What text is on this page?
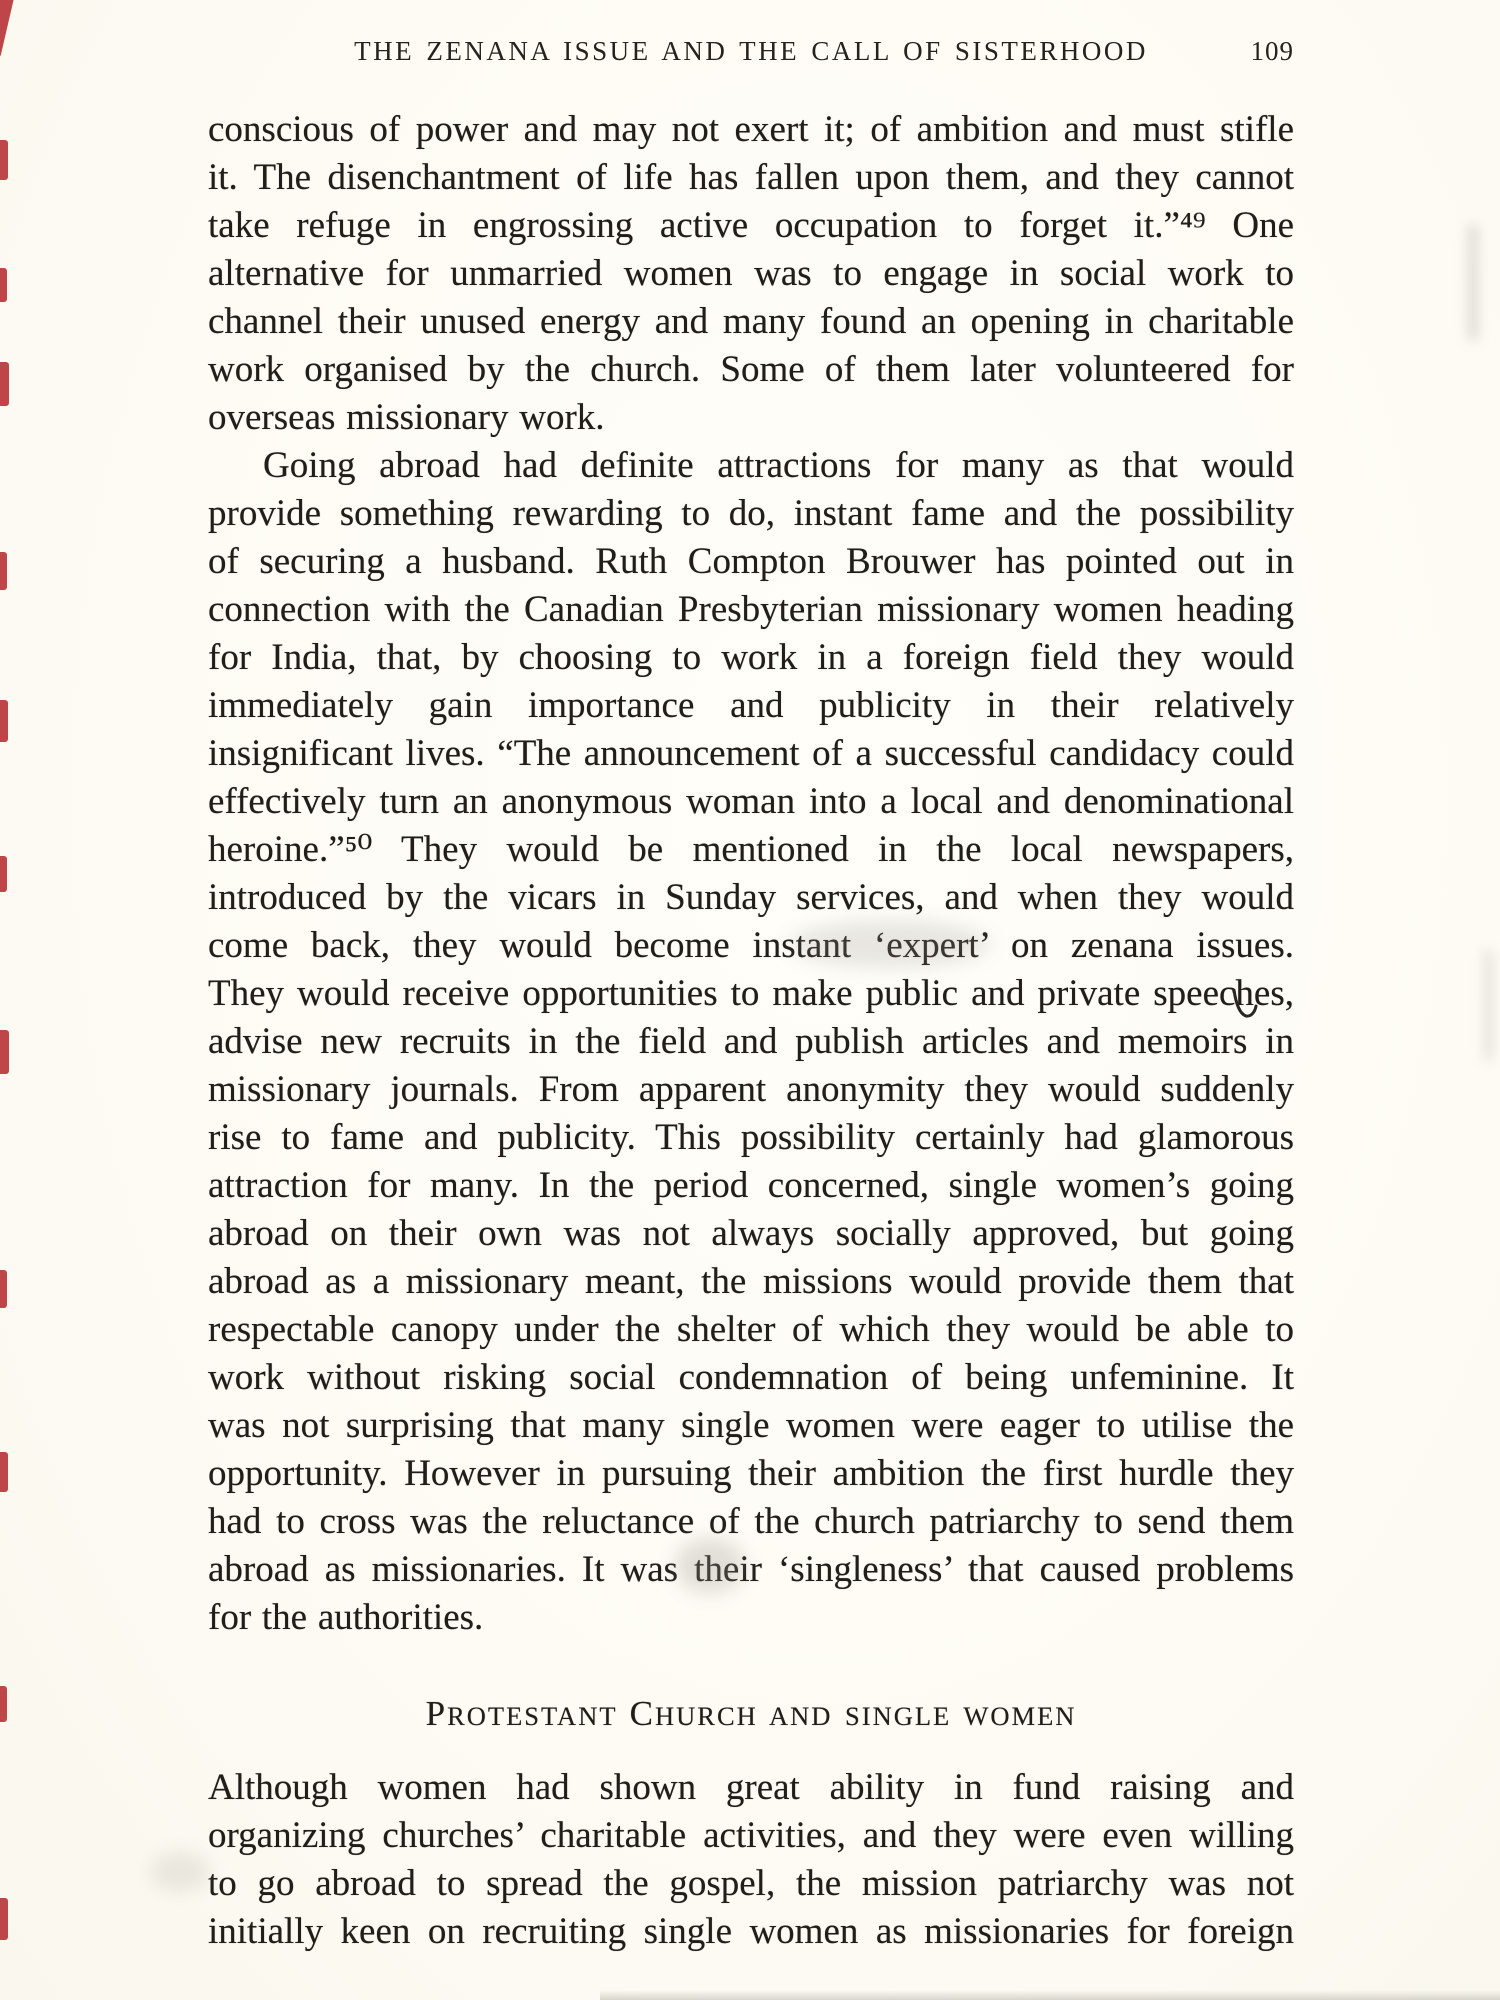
THE ZENANA ISSUE AND THE CALL OF SISTERHOOD	109
conscious of power and may not exert it; of ambition and must stifle
it. The disenchantment of life has fallen upon them, and they cannot
take refuge in engrossing active occupation to forget it.”⁴⁹ One
alternative for unmarried women was to engage in social work to
channel their unused energy and many found an opening in charitable
work organised by the church. Some of them later volunteered for
overseas missionary work.
Going abroad had definite attractions for many as that would
provide something rewarding to do, instant fame and the possibility
of securing a husband. Ruth Compton Brouwer has pointed out in
connection with the Canadian Presbyterian missionary women heading
for India, that, by choosing to work in a foreign field they would
immediately gain importance and publicity in their relatively
insignificant lives. “The announcement of a successful candidacy could
effectively turn an anonymous woman into a local and denominational
heroine.”⁵⁰ They would be mentioned in the local newspapers,
introduced by the vicars in Sunday services, and when they would
come back, they would become instant ‘expert’ on zenana issues.
They would receive opportunities to make public and private speeches,
advise new recruits in the field and publish articles and memoirs in
missionary journals. From apparent anonymity they would suddenly
rise to fame and publicity. This possibility certainly had glamorous
attraction for many. In the period concerned, single women’s going
abroad on their own was not always socially approved, but going
abroad as a missionary meant, the missions would provide them that
respectable canopy under the shelter of which they would be able to
work without risking social condemnation of being unfeminine. It
was not surprising that many single women were eager to utilise the
opportunity. However in pursuing their ambition the first hurdle they
had to cross was the reluctance of the church patriarchy to send them
abroad as missionaries. It was their ‘singleness’ that caused problems
for the authorities.
PROTESTANT CHURCH AND SINGLE WOMEN
Although women had shown great ability in fund raising and
organizing churches’ charitable activities, and they were even willing
to go abroad to spread the gospel, the mission patriarchy was not
initially keen on recruiting single women as missionaries for foreign
